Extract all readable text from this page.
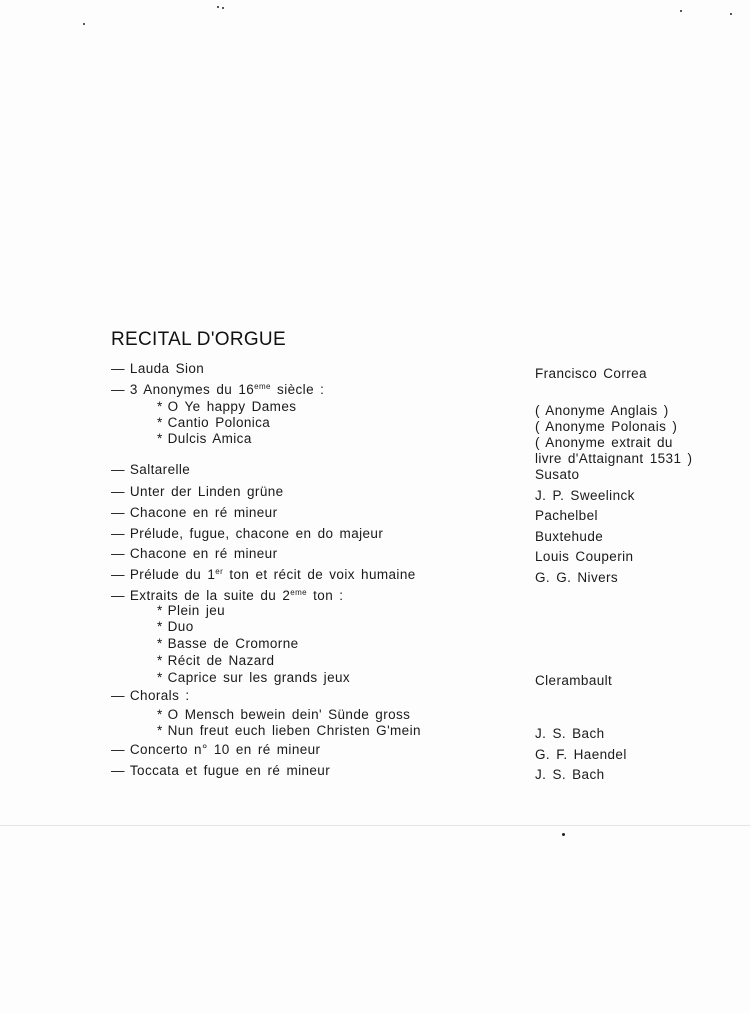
RECITAL D'ORGUE
— Lauda Sion
— 3 Anonymes du 16eme siècle :
* O Ye happy Dames
* Cantio Polonica
* Dulcis Amica
— Saltarelle
— Unter der Linden grüne
— Chacone en ré mineur
— Prélude, fugue, chacone en do majeur
— Chacone en ré mineur
— Prélude du 1er ton et récit de voix humaine
— Extraits de la suite du 2eme ton :
* Plein jeu
* Duo
* Basse de Cromorne
* Récit de Nazard
* Caprice sur les grands jeux
— Chorals :
* O Mensch bewein dein' Sünde gross
* Nun freut euch lieben Christen G'mein
— Concerto n° 10 en ré mineur
— Toccata et fugue en ré mineur
Francisco Correa
( Anonyme Anglais )
( Anonyme Polonais )
( Anonyme extrait du
livre d'Attaignant 1531 )
Susato
J. P. Sweelinck
Pachelbel
Buxtehude
Louis Couperin
G. G. Nivers
Clerambault
J. S. Bach
G. F. Haendel
J. S. Bach
